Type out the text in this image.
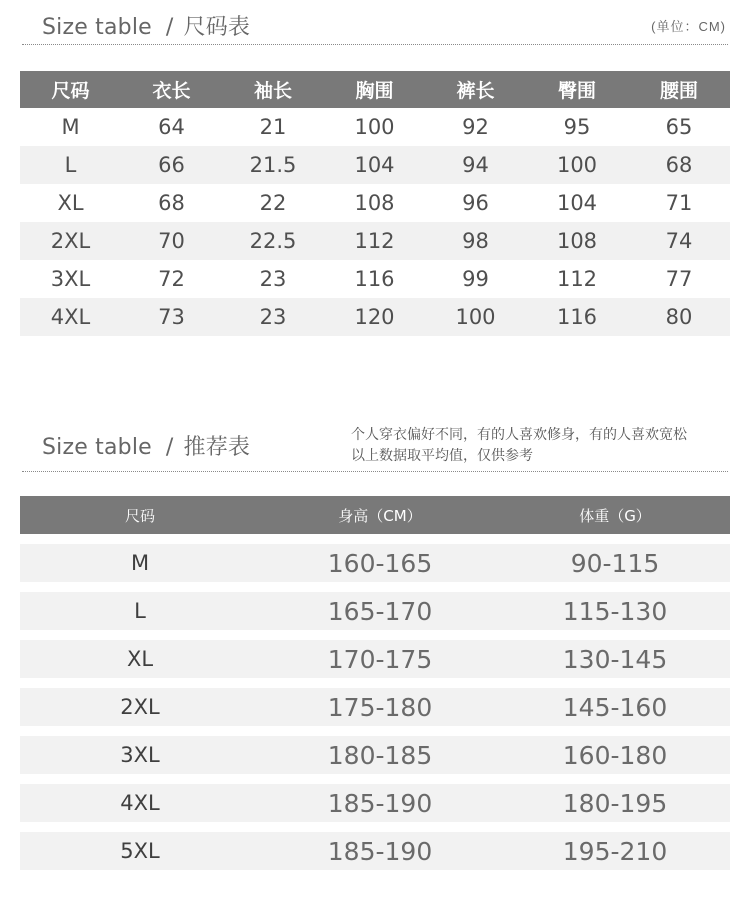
Size table / 尺码表	(单位：CM)
尺码	衣长	袖长	胸围	裤长	臀围	腰围
M	64	21	100	92	95	65
L	66	21.5	104	94	100	68
XL	68	22	108	96	104	71
2XL	70	22.5	112	98	108	74
3XL	72	23	116	99	112	77
4XL	73	23	120	100	116	80
Size table / 推荐表	个人穿衣偏好不同，有的人喜欢修身，有的人喜欢宽松
以上数据取平均值，仅供参考
尺码	身高（CM）	体重（G）
M	160-165	90-115
L	165-170	115-130
XL	170-175	130-145
2XL	175-180	145-160
3XL	180-185	160-180
4XL	185-190	180-195
5XL	185-190	195-210
